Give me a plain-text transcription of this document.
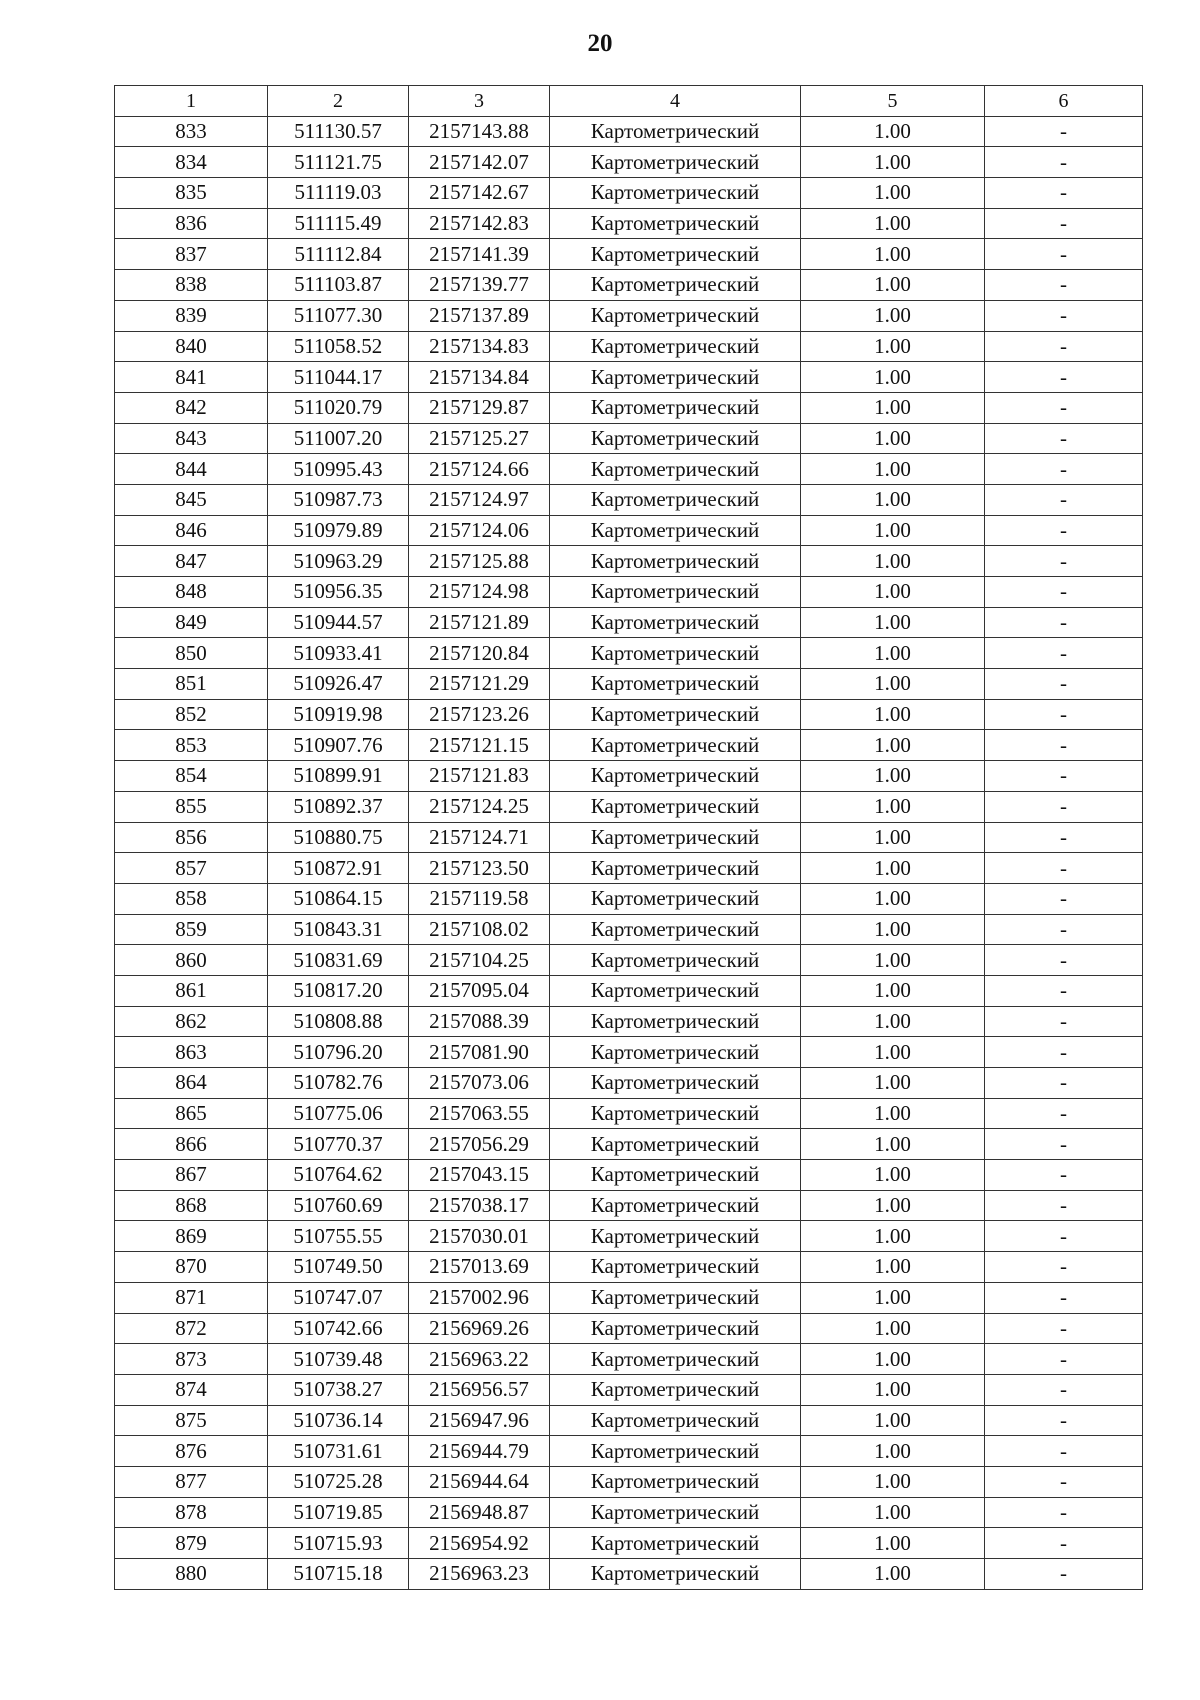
20
1	2	3	4	5	6
833	511130.57	2157143.88	Картометрический	1.00	-
834	511121.75	2157142.07	Картометрический	1.00	-
835	511119.03	2157142.67	Картометрический	1.00	-
836	511115.49	2157142.83	Картометрический	1.00	-
837	511112.84	2157141.39	Картометрический	1.00	-
838	511103.87	2157139.77	Картометрический	1.00	-
839	511077.30	2157137.89	Картометрический	1.00	-
840	511058.52	2157134.83	Картометрический	1.00	-
841	511044.17	2157134.84	Картометрический	1.00	-
842	511020.79	2157129.87	Картометрический	1.00	-
843	511007.20	2157125.27	Картометрический	1.00	-
844	510995.43	2157124.66	Картометрический	1.00	-
845	510987.73	2157124.97	Картометрический	1.00	-
846	510979.89	2157124.06	Картометрический	1.00	-
847	510963.29	2157125.88	Картометрический	1.00	-
848	510956.35	2157124.98	Картометрический	1.00	-
849	510944.57	2157121.89	Картометрический	1.00	-
850	510933.41	2157120.84	Картометрический	1.00	-
851	510926.47	2157121.29	Картометрический	1.00	-
852	510919.98	2157123.26	Картометрический	1.00	-
853	510907.76	2157121.15	Картометрический	1.00	-
854	510899.91	2157121.83	Картометрический	1.00	-
855	510892.37	2157124.25	Картометрический	1.00	-
856	510880.75	2157124.71	Картометрический	1.00	-
857	510872.91	2157123.50	Картометрический	1.00	-
858	510864.15	2157119.58	Картометрический	1.00	-
859	510843.31	2157108.02	Картометрический	1.00	-
860	510831.69	2157104.25	Картометрический	1.00	-
861	510817.20	2157095.04	Картометрический	1.00	-
862	510808.88	2157088.39	Картометрический	1.00	-
863	510796.20	2157081.90	Картометрический	1.00	-
864	510782.76	2157073.06	Картометрический	1.00	-
865	510775.06	2157063.55	Картометрический	1.00	-
866	510770.37	2157056.29	Картометрический	1.00	-
867	510764.62	2157043.15	Картометрический	1.00	-
868	510760.69	2157038.17	Картометрический	1.00	-
869	510755.55	2157030.01	Картометрический	1.00	-
870	510749.50	2157013.69	Картометрический	1.00	-
871	510747.07	2157002.96	Картометрический	1.00	-
872	510742.66	2156969.26	Картометрический	1.00	-
873	510739.48	2156963.22	Картометрический	1.00	-
874	510738.27	2156956.57	Картометрический	1.00	-
875	510736.14	2156947.96	Картометрический	1.00	-
876	510731.61	2156944.79	Картометрический	1.00	-
877	510725.28	2156944.64	Картометрический	1.00	-
878	510719.85	2156948.87	Картометрический	1.00	-
879	510715.93	2156954.92	Картометрический	1.00	-
880	510715.18	2156963.23	Картометрический	1.00	-
